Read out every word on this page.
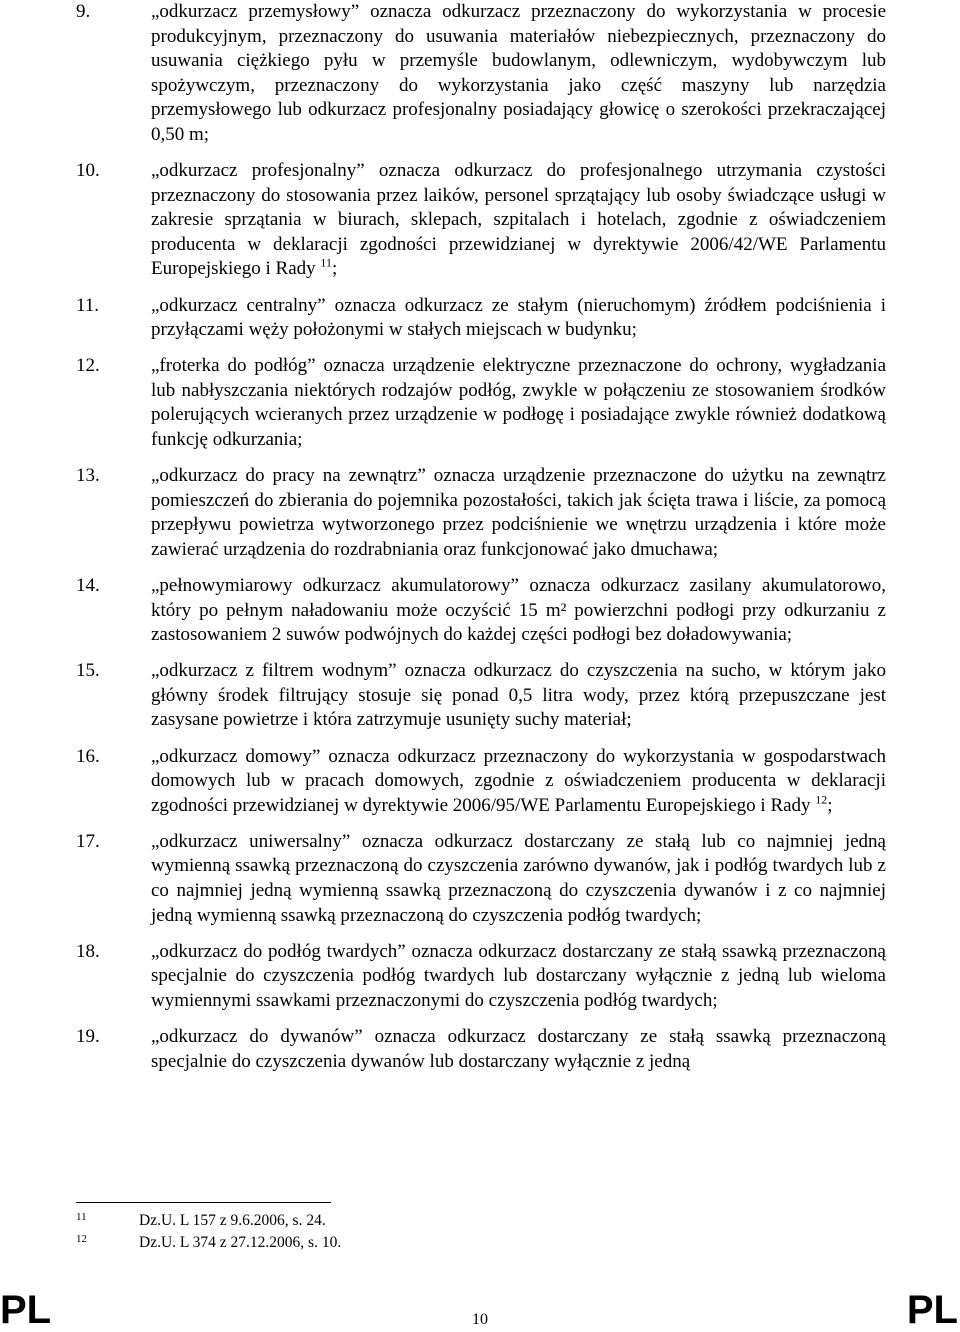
9.	„odkurzacz przemysłowy” oznacza odkurzacz przeznaczony do wykorzystania w procesie produkcyjnym, przeznaczony do usuwania materiałów niebezpiecznych, przeznaczony do usuwania ciężkiego pyłu w przemyśle budowlanym, odlewniczym, wydobywczym lub spożywczym, przeznaczony do wykorzystania jako część maszyny lub narzędzia przemysłowego lub odkurzacz profesjonalny posiadający głowicę o szerokości przekraczającej 0,50 m;
10.	„odkurzacz profesjonalny” oznacza odkurzacz do profesjonalnego utrzymania czystości przeznaczony do stosowania przez laików, personel sprzątający lub osoby świadczące usługi w zakresie sprzątania w biurach, sklepach, szpitalach i hotelach, zgodnie z oświadczeniem producenta w deklaracji zgodności przewidzianej w dyrektywie 2006/42/WE Parlamentu Europejskiego i Rady $^{11}$;
11.	„odkurzacz centralny” oznacza odkurzacz ze stałym (nieruchomym) źródłem podciśnienia i przyłączami węży położonymi w stałych miejscach w budynku;
12.	„froterka do podłóg” oznacza urządzenie elektryczne przeznaczone do ochrony, wygładzania lub nabłyszczania niektórych rodzajów podłóg, zwykle w połączeniu ze stosowaniem środków polerujących wcieranych przez urządzenie w podłogę i posiadające zwykle również dodatkową funkcję odkurzania;
13.	„odkurzacz do pracy na zewnątrz” oznacza urządzenie przeznaczone do użytku na zewnątrz pomieszczeń do zbierania do pojemnika pozostałości, takich jak ścięta trawa i liście, za pomocą przepływu powietrza wytworzonego przez podciśnienie we wnętrzu urządzenia i które może zawierać urządzenia do rozdrabniania oraz funkcjonować jako dmuchawa;
14.	„pełnowymiarowy odkurzacz akumulatorowy” oznacza odkurzacz zasilany akumulatorowo, który po pełnym naładowaniu może oczyścić 15 m² powierzchni podłogi przy odkurzaniu z zastosowaniem 2 suwów podwójnych do każdej części podłogi bez doładowywania;
15.	„odkurzacz z filtrem wodnym” oznacza odkurzacz do czyszczenia na sucho, w którym jako główny środek filtrujący stosuje się ponad 0,5 litra wody, przez którą przepuszczane jest zasysane powietrze i która zatrzymuje usunięty suchy materiał;
16.	„odkurzacz domowy” oznacza odkurzacz przeznaczony do wykorzystania w gospodarstwach domowych lub w pracach domowych, zgodnie z oświadczeniem producenta w deklaracji zgodności przewidzianej w dyrektywie 2006/95/WE Parlamentu Europejskiego i Rady $^{12}$;
17.	„odkurzacz uniwersalny” oznacza odkurzacz dostarczany ze stałą lub co najmniej jedną wymienną ssawką przeznaczoną do czyszczenia zarówno dywanów, jak i podłóg twardych lub z co najmniej jedną wymienną ssawką przeznaczoną do czyszczenia dywanów i z co najmniej jedną wymienną ssawką przeznaczoną do czyszczenia podłóg twardych;
18.	„odkurzacz do podłóg twardych” oznacza odkurzacz dostarczany ze stałą ssawką przeznaczoną specjalnie do czyszczenia podłóg twardych lub dostarczany wyłącznie z jedną lub wieloma wymiennymi ssawkami przeznaczonymi do czyszczenia podłóg twardych;
19.	„odkurzacz do dywanów” oznacza odkurzacz dostarczany ze stałą ssawką przeznaczoną specjalnie do czyszczenia dywanów lub dostarczany wyłącznie z jedną
11	Dz.U. L 157 z 9.6.2006, s. 24.
12	Dz.U. L 374 z 27.12.2006, s. 10.
PL	10	PL
